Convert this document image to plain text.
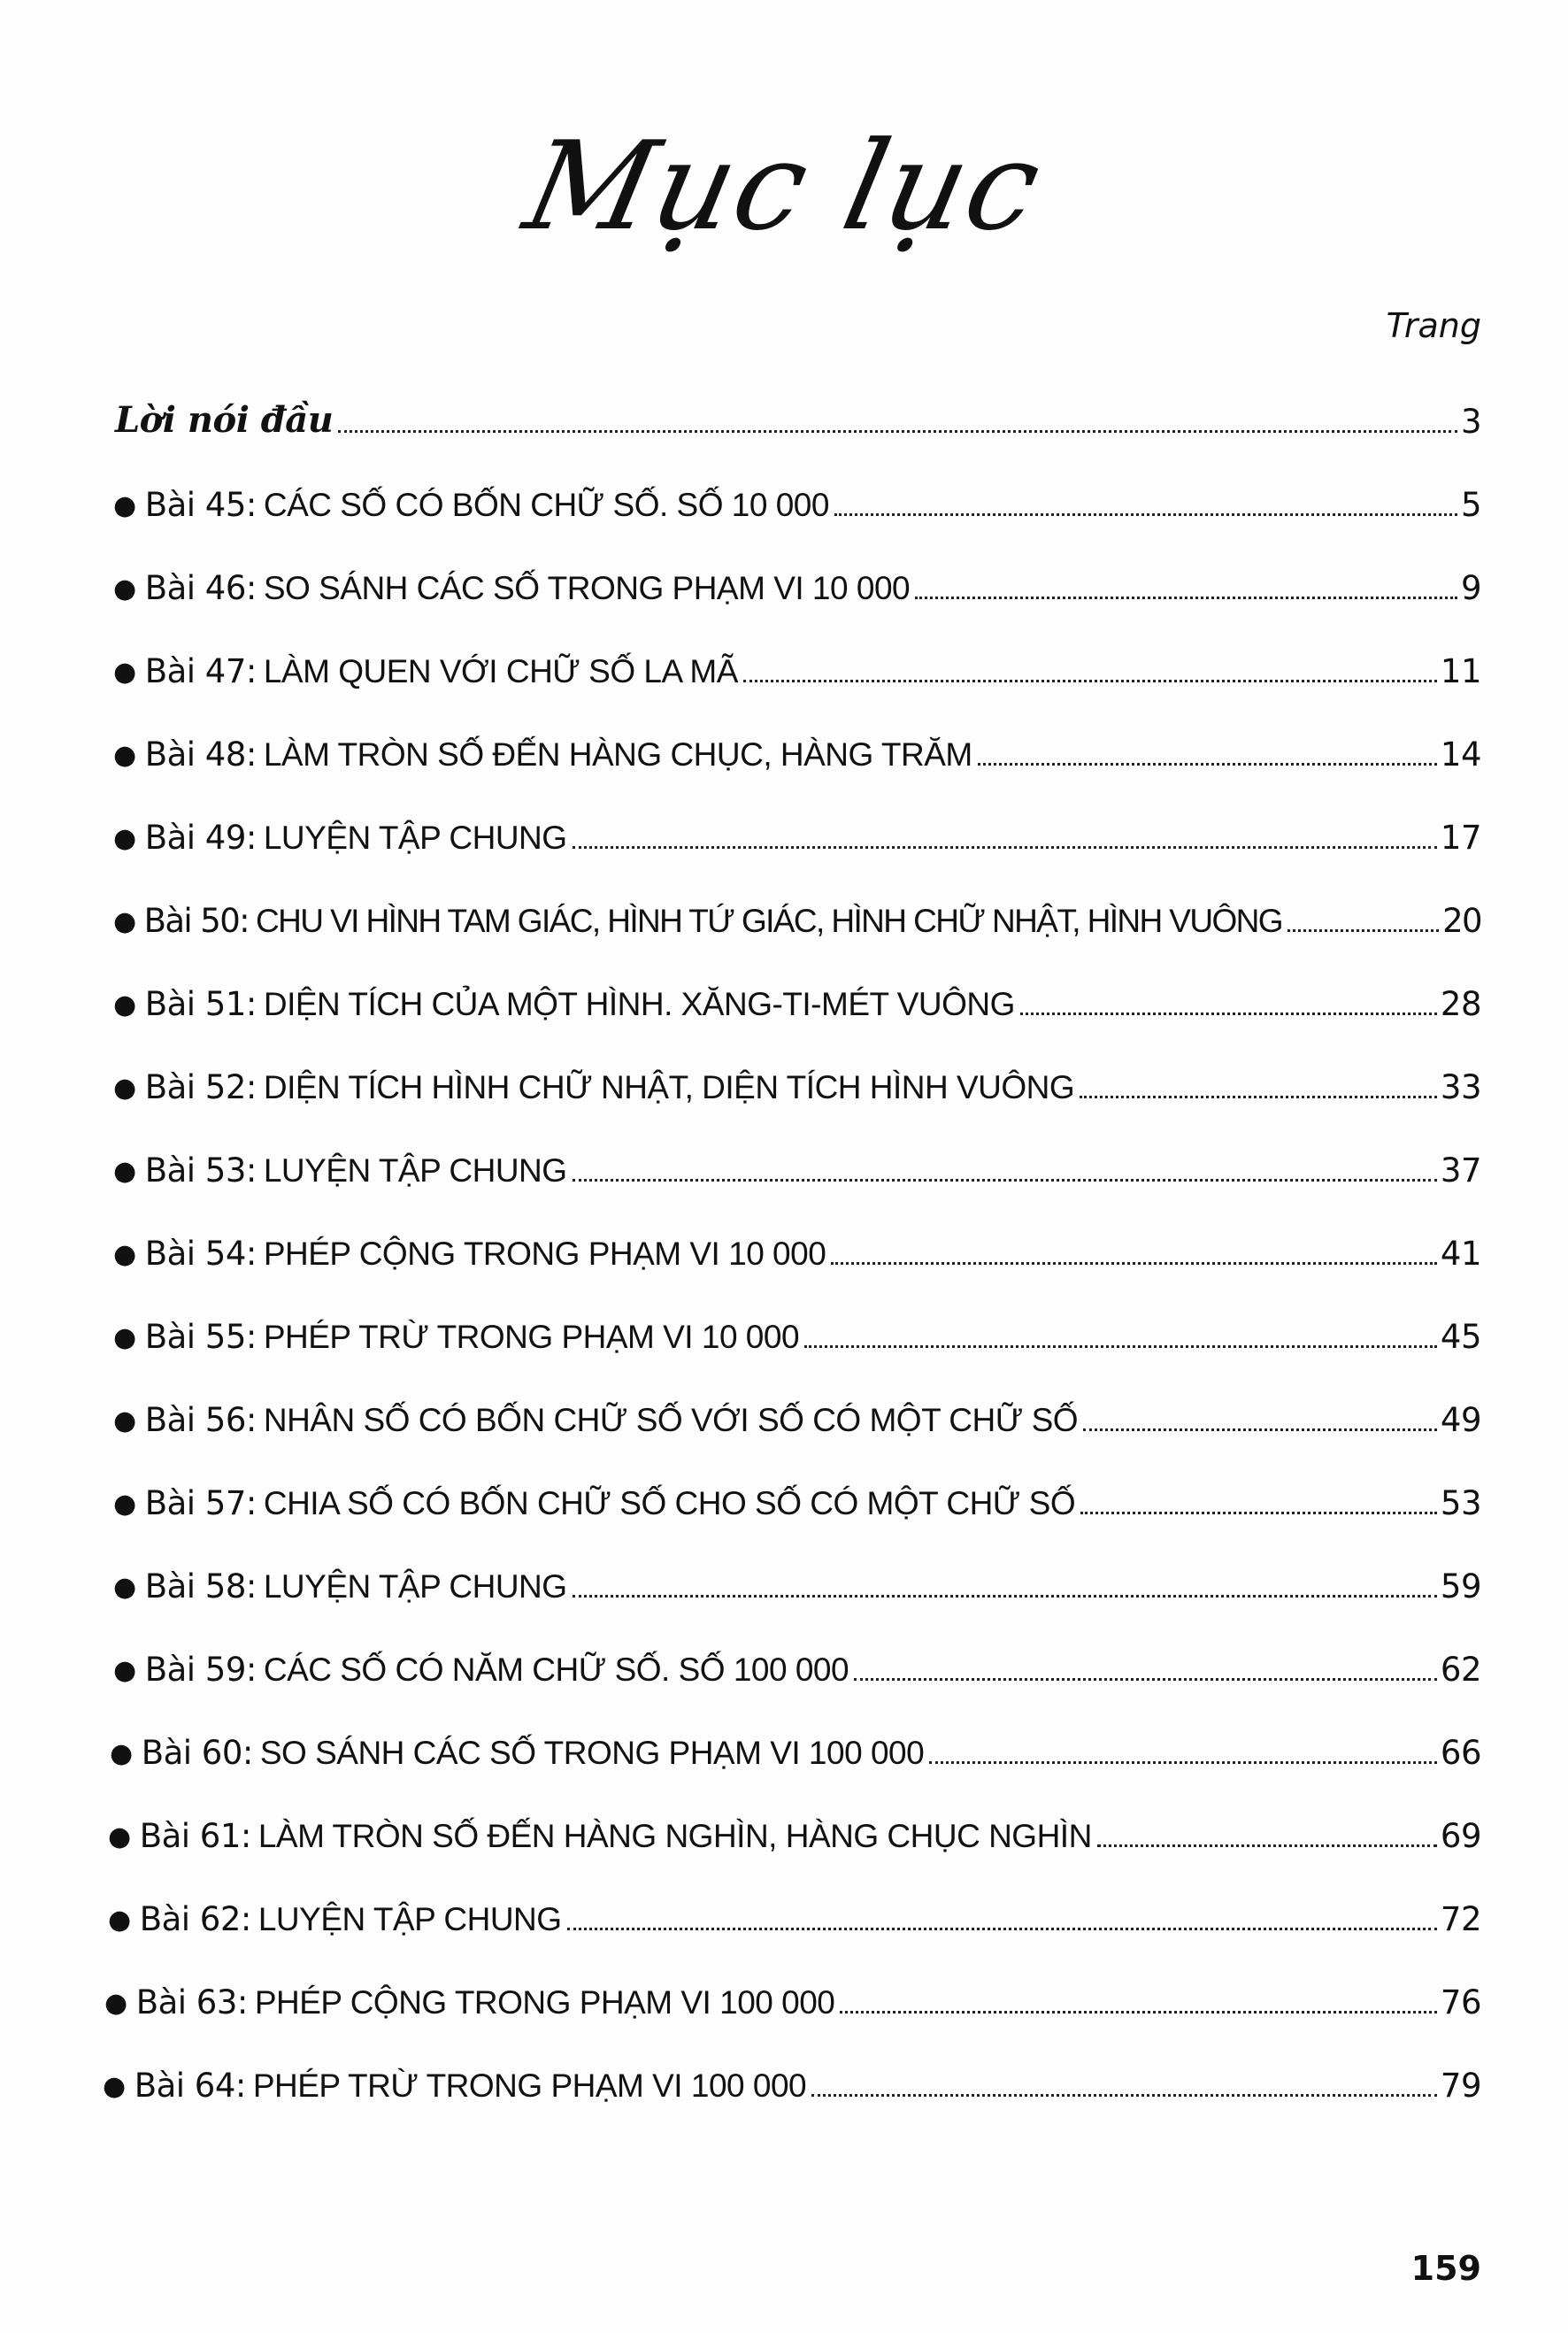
Mục lục
Trang
Lời nói đầu	3
● Bài 45: CÁC SỐ CÓ BỐN CHỮ SỐ. SỐ 10 000	5
● Bài 46: SO SÁNH CÁC SỐ TRONG PHẠM VI 10 000	9
● Bài 47: LÀM QUEN VỚI CHỮ SỐ LA MÃ	11
● Bài 48: LÀM TRÒN SỐ ĐẾN HÀNG CHỤC, HÀNG TRĂM	14
● Bài 49: LUYỆN TẬP CHUNG	17
● Bài 50: CHU VI HÌNH TAM GIÁC, HÌNH TỨ GIÁC, HÌNH CHỮ NHẬT, HÌNH VUÔNG	20
● Bài 51: DIỆN TÍCH CỦA MỘT HÌNH. XĂNG-TI-MÉT VUÔNG	28
● Bài 52: DIỆN TÍCH HÌNH CHỮ NHẬT, DIỆN TÍCH HÌNH VUÔNG	33
● Bài 53: LUYỆN TẬP CHUNG	37
● Bài 54: PHÉP CỘNG TRONG PHẠM VI 10 000	41
● Bài 55: PHÉP TRỪ TRONG PHẠM VI 10 000	45
● Bài 56: NHÂN SỐ CÓ BỐN CHỮ SỐ VỚI SỐ CÓ MỘT CHỮ SỐ	49
● Bài 57: CHIA SỐ CÓ BỐN CHỮ SỐ CHO SỐ CÓ MỘT CHỮ SỐ	53
● Bài 58: LUYỆN TẬP CHUNG	59
● Bài 59: CÁC SỐ CÓ NĂM CHỮ SỐ. SỐ 100 000	62
● Bài 60: SO SÁNH CÁC SỐ TRONG PHẠM VI 100 000	66
● Bài 61: LÀM TRÒN SỐ ĐẾN HÀNG NGHÌN, HÀNG CHỤC NGHÌN	69
● Bài 62: LUYỆN TẬP CHUNG	72
● Bài 63: PHÉP CỘNG TRONG PHẠM VI 100 000	76
● Bài 64: PHÉP TRỪ TRONG PHẠM VI 100 000	79
159
